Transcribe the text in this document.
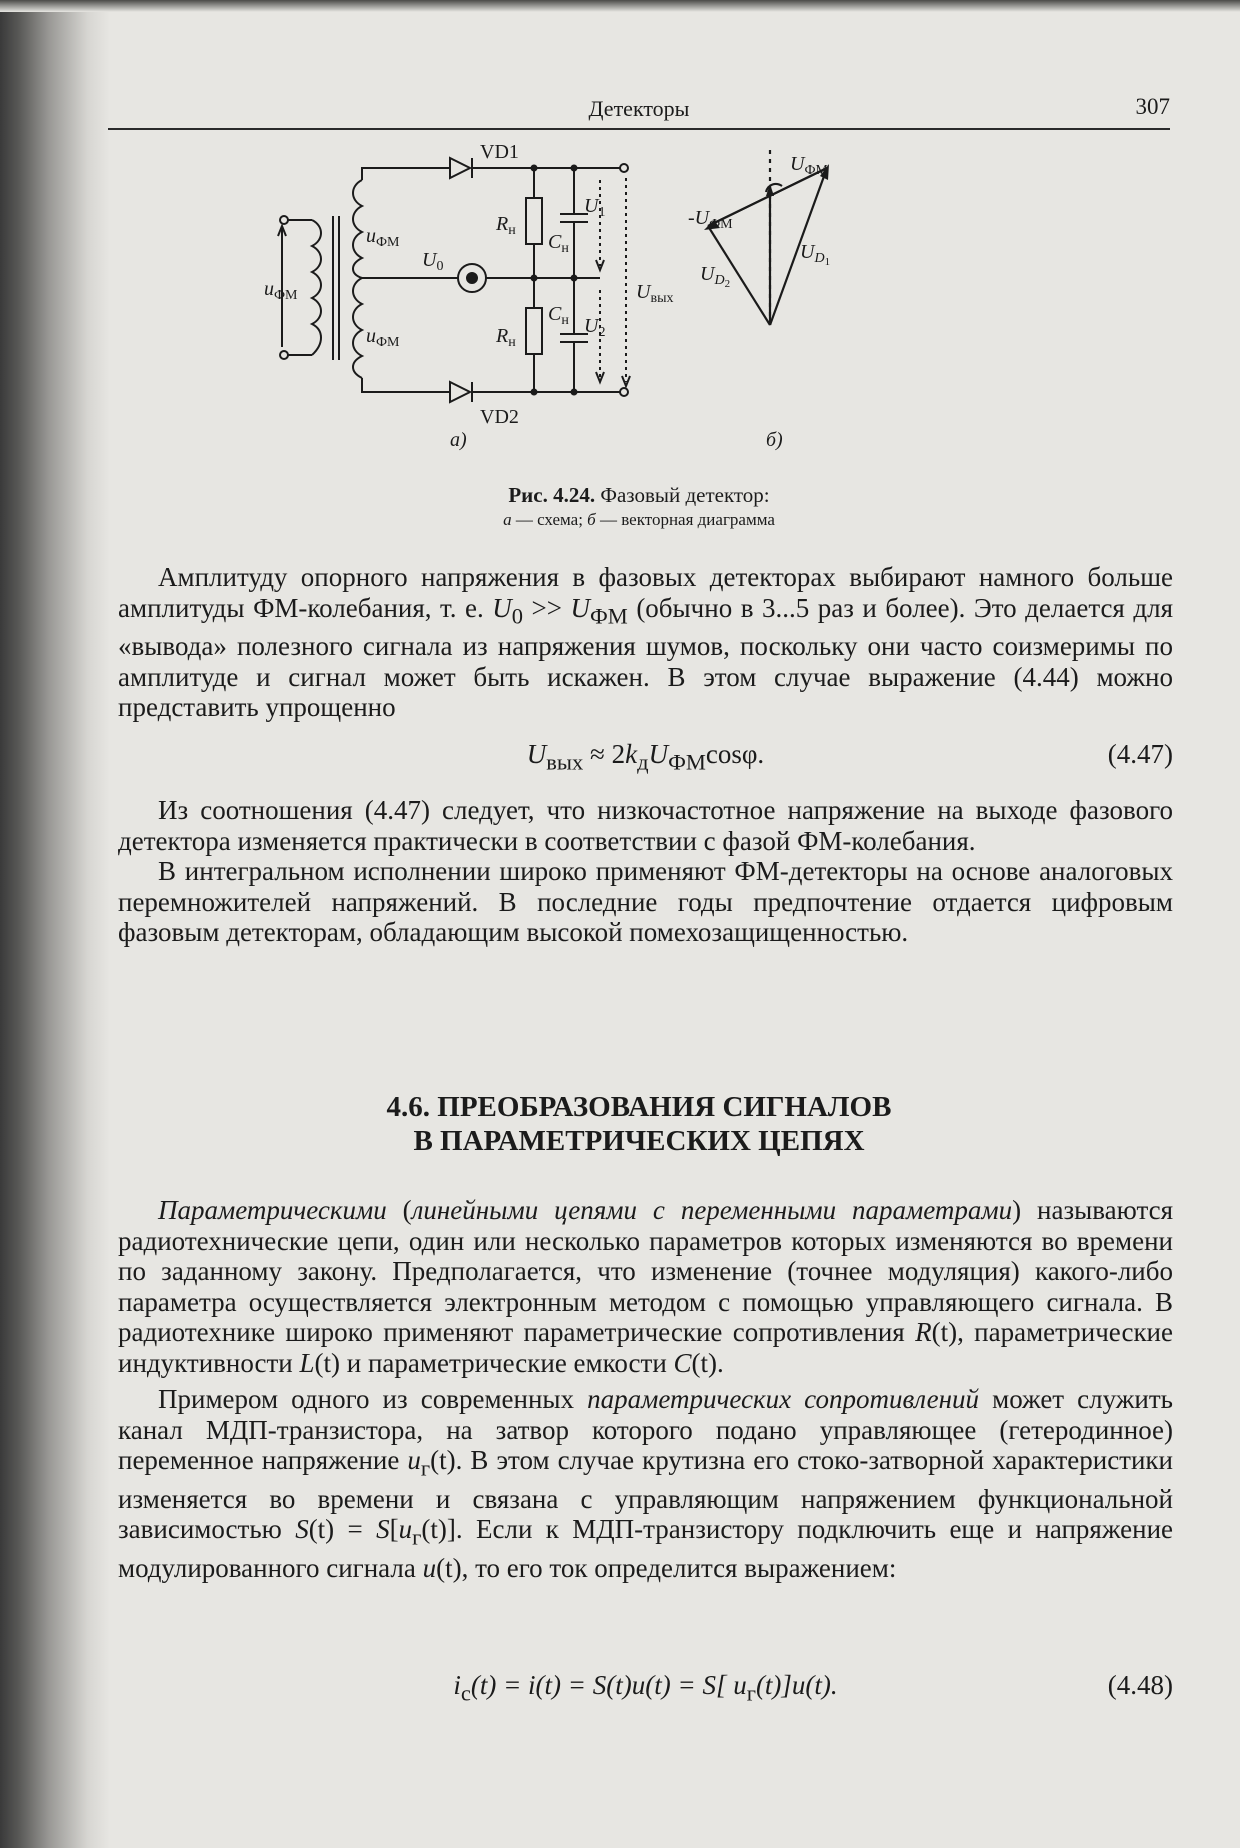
Детекторы	307
$u_{ФМ}$
$u_{ФМ}$
$u_{ФМ}$
VD1
VD2
$U_0$
$R_н$
$R_н$
$C_н$
$C_н$
$U_1$
$U_2$
$U_{вых}$
а)	б)
$U_{ФМ}$
$-U_{ФМ}$
$U_D1$
$U_D2$
Рис. 4.24. Фазовый детектор:
а — схема; б — векторная диаграмма

Амплитуду опорного напряжения в фазовых детекторах выбирают намного больше амплитуды ФМ-колебания, т. е. $U_0 >> U_{ФМ}$ (обычно в 3...5 раз и более). Это делается для «вывода» полезного сигнала из напряжения шумов, поскольку они часто соизмеримы по амплитуде и сигнал может быть искажен. В этом случае выражение (4.44) можно представить упрощенно

$U_{вых} \approx 2k_дU_{ФМ}\cos\varphi$.	(4.47)

Из соотношения (4.47) следует, что низкочастотное напряжение на выходе фазового детектора изменяется практически в соответствии с фазой ФМ-колебания.

В интегральном исполнении широко применяют ФМ-детекторы на основе аналоговых перемножителей напряжений. В последние годы предпочтение отдается цифровым фазовым детекторам, обладающим высокой помехозащищенностью.

4.6. ПРЕОБРАЗОВАНИЯ СИГНАЛОВ
В ПАРАМЕТРИЧЕСКИХ ЦЕПЯХ

Параметрическими (линейными цепями с переменными параметрами) называются радиотехнические цепи, один или несколько параметров которых изменяются во времени по заданному закону. Предполагается, что изменение (точнее модуляция) какого-либо параметра осуществляется электронным методом с помощью управляющего сигнала. В радиотехнике широко применяют параметрические сопротивления R(t), параметрические индуктивности L(t) и параметрические емкости C(t).

Примером одного из современных параметрических сопротивлений может служить канал МДП-транзистора, на затвор которого подано управляющее (гетеродинное) переменное напряжение $u_г(t)$. В этом случае крутизна его стоко-затворной характеристики изменяется во времени и связана с управляющим напряжением функциональной зависимостью $S(t) = S[u_г(t)]$. Если к МДП-транзистору подключить еще и напряжение модулированного сигнала u(t), то его ток определится выражением:

$i_c(t) = i(t) = S(t)u(t) = S$[ $u_г(t)]u(t)$.	(4.48)
